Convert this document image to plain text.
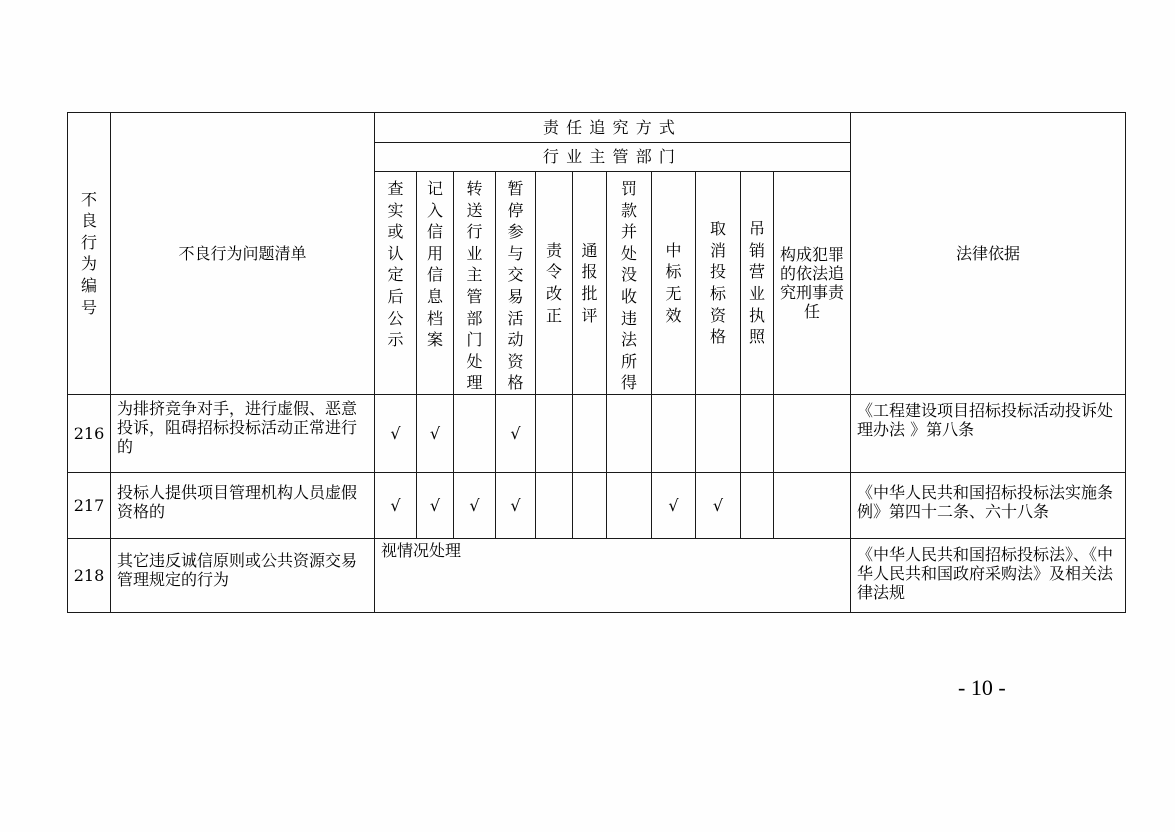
不良行为编号	不良行为问题清单	责任追究方式											法律依据
		行业主管部门											
		查实或认定后公示	记入信用信息档案	转送行业主管部门处理	暂停参与交易活动资格	责令改正	通报批评	罚款并处没收违法所得	中标无效	取消投标资格	吊销营业执照	构成犯罪的依法追究刑事责任	
216	为排挤竞争对手，进行虚假、恶意投诉，阻碍招标投标活动正常进行的	√	√		√								《工程建设项目招标投标活动投诉处理办法 》第八条
217	投标人提供项目管理机构人员虚假资格的	√	√	√	√				√	√			《中华人民共和国招标投标法实施条例》第四十二条、六十八条
218	其它违反诚信原则或公共资源交易管理规定的行为	视情况处理											《中华人民共和国招标投标法》、《中华人民共和国政府采购法》及相关法律法规
- 10 -
